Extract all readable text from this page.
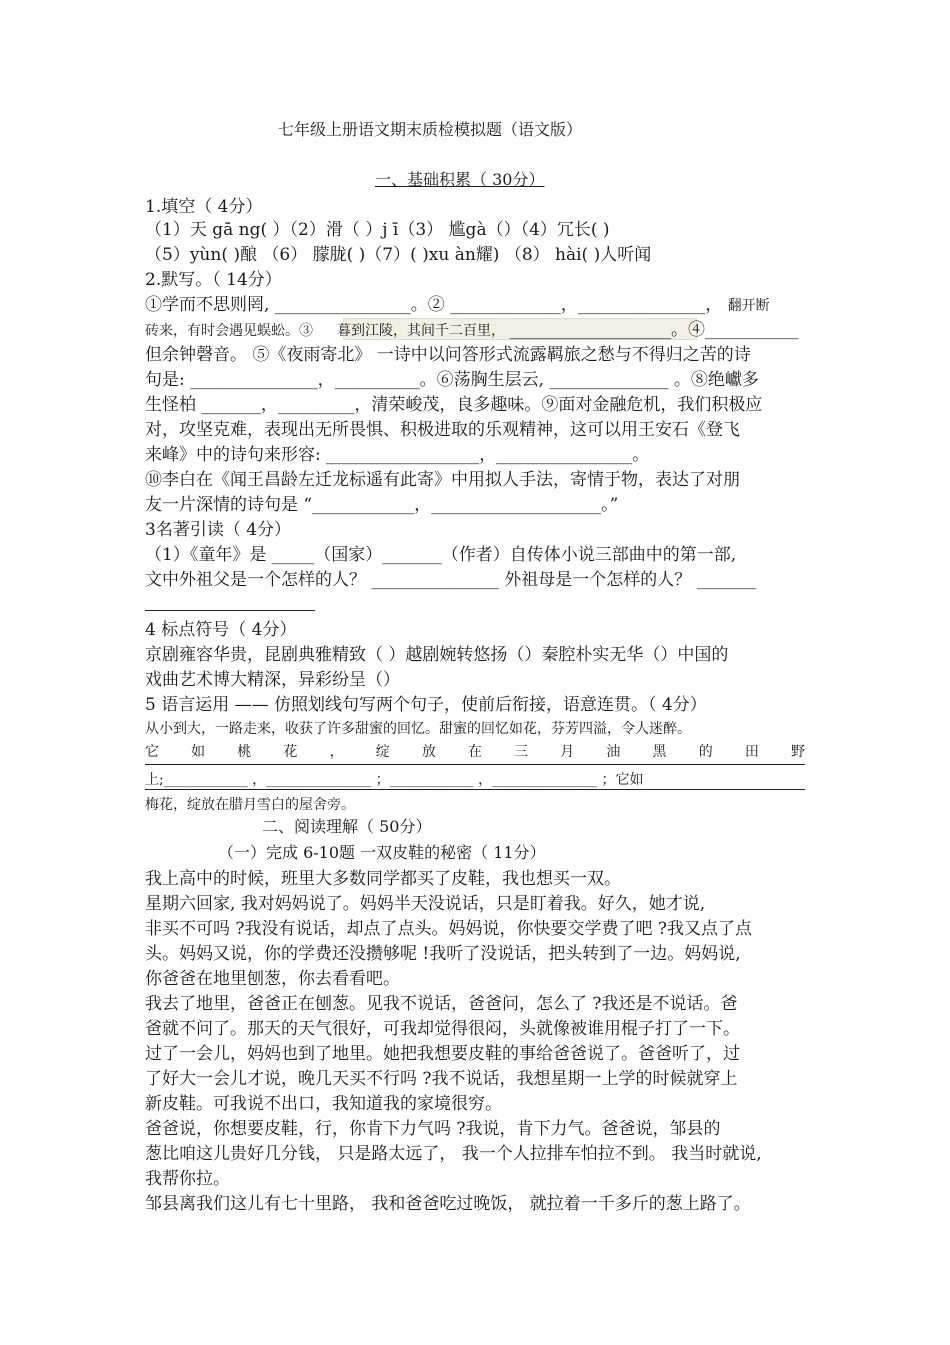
七年级上册语文期末质检模拟题（语文版）
一、基础积累（ 30分）
1.填空（ 4分）
（1）天 gā ng( ）（2）滑（ ）j ī（3） 尴gà（）（4）冗长( )
（5）yùn( )酿 （6） 朦胧( )（7）( )xu àn耀) （8） hài( )人听闻
2.默写。（ 14分）
①学而不思则罔, ________________。② _____________，_______________， 翻开断
砖来，有时会遇见蜈蚣。③ 暮到江陵，其间千二百里， ___________________。④___________
但余钟磬音。 ⑤《夜雨寄北》 一诗中以问答形式流露羁旅之愁与不得归之苦的诗
句是: _______________，__________。⑥荡胸生层云, ______________ 。⑧绝巘多
生怪柏 _______，_________，清荣峻茂，良多趣味。⑨面对金融危机，我们积极应
对，攻坚克难，表现出无所畏惧、积极进取的乐观精神，这可以用王安石《登飞
来峰》中的诗句来形容: __________________，________________。
⑩李白在《闻王昌龄左迁龙标遥有此寄》中用拟人手法，寄情于物，表达了对朋
友一片深情的诗句是 “____________，____________________。”
3名著引读（ 4分）
（1）《童年》是 _____（国家）_______（作者）自传体小说三部曲中的第一部,
文中外祖父是一个怎样的人？ _______________ 外祖母是一个怎样的人？ _______
4 标点符号（ 4分）
京剧雍容华贵，昆剧典雅精致（ ）越剧婉转悠扬（）秦腔朴实无华（）中国的
戏曲艺术博大精深，异彩纷呈（）
5 语言运用 —— 仿照划线句写两个句子，使前后衔接，语意连贯。（ 4分）
从小到大，一路走来，收获了许多甜蜜的回忆。甜蜜的回忆如花，芬芳四溢，令人迷醉。
它 如 桃 花 ， 绽 放 在 三 月 油 黑 的 田 野
上;____________ ，_______________ ；____________ ，_______________ ；它如
梅花，绽放在腊月雪白的屋舍旁。
二、阅读理解（ 50分）
（一）完成 6-10题 一双皮鞋的秘密（ 11分）
我上高中的时候，班里大多数同学都买了皮鞋，我也想买一双。
星期六回家, 我对妈妈说了。妈妈半天没说话，只是盯着我。好久，她才说,
非买不可吗 ?我没有说话，却点了点头。妈妈说，你快要交学费了吧 ?我又点了点
头。妈妈又说，你的学费还没攒够呢 !我听了没说话，把头转到了一边。妈妈说,
你爸爸在地里刨葱，你去看看吧。
我去了地里，爸爸正在刨葱。见我不说话，爸爸问，怎么了 ?我还是不说话。爸
爸就不问了。那天的天气很好，可我却觉得很闷，头就像被谁用棍子打了一下。
过了一会儿，妈妈也到了地里。她把我想要皮鞋的事给爸爸说了。爸爸听了，过
了好大一会儿才说，晚几天买不行吗 ?我不说话，我想星期一上学的时候就穿上
新皮鞋。可我说不出口，我知道我的家境很穷。
爸爸说，你想要皮鞋，行，你肯下力气吗 ?我说，肯下力气。爸爸说，邹县的
葱比咱这儿贵好几分钱， 只是路太远了， 我一个人拉排车怕拉不到。 我当时就说,
我帮你拉。
邹县离我们这儿有七十里路， 我和爸爸吃过晚饭， 就拉着一千多斤的葱上路了。
